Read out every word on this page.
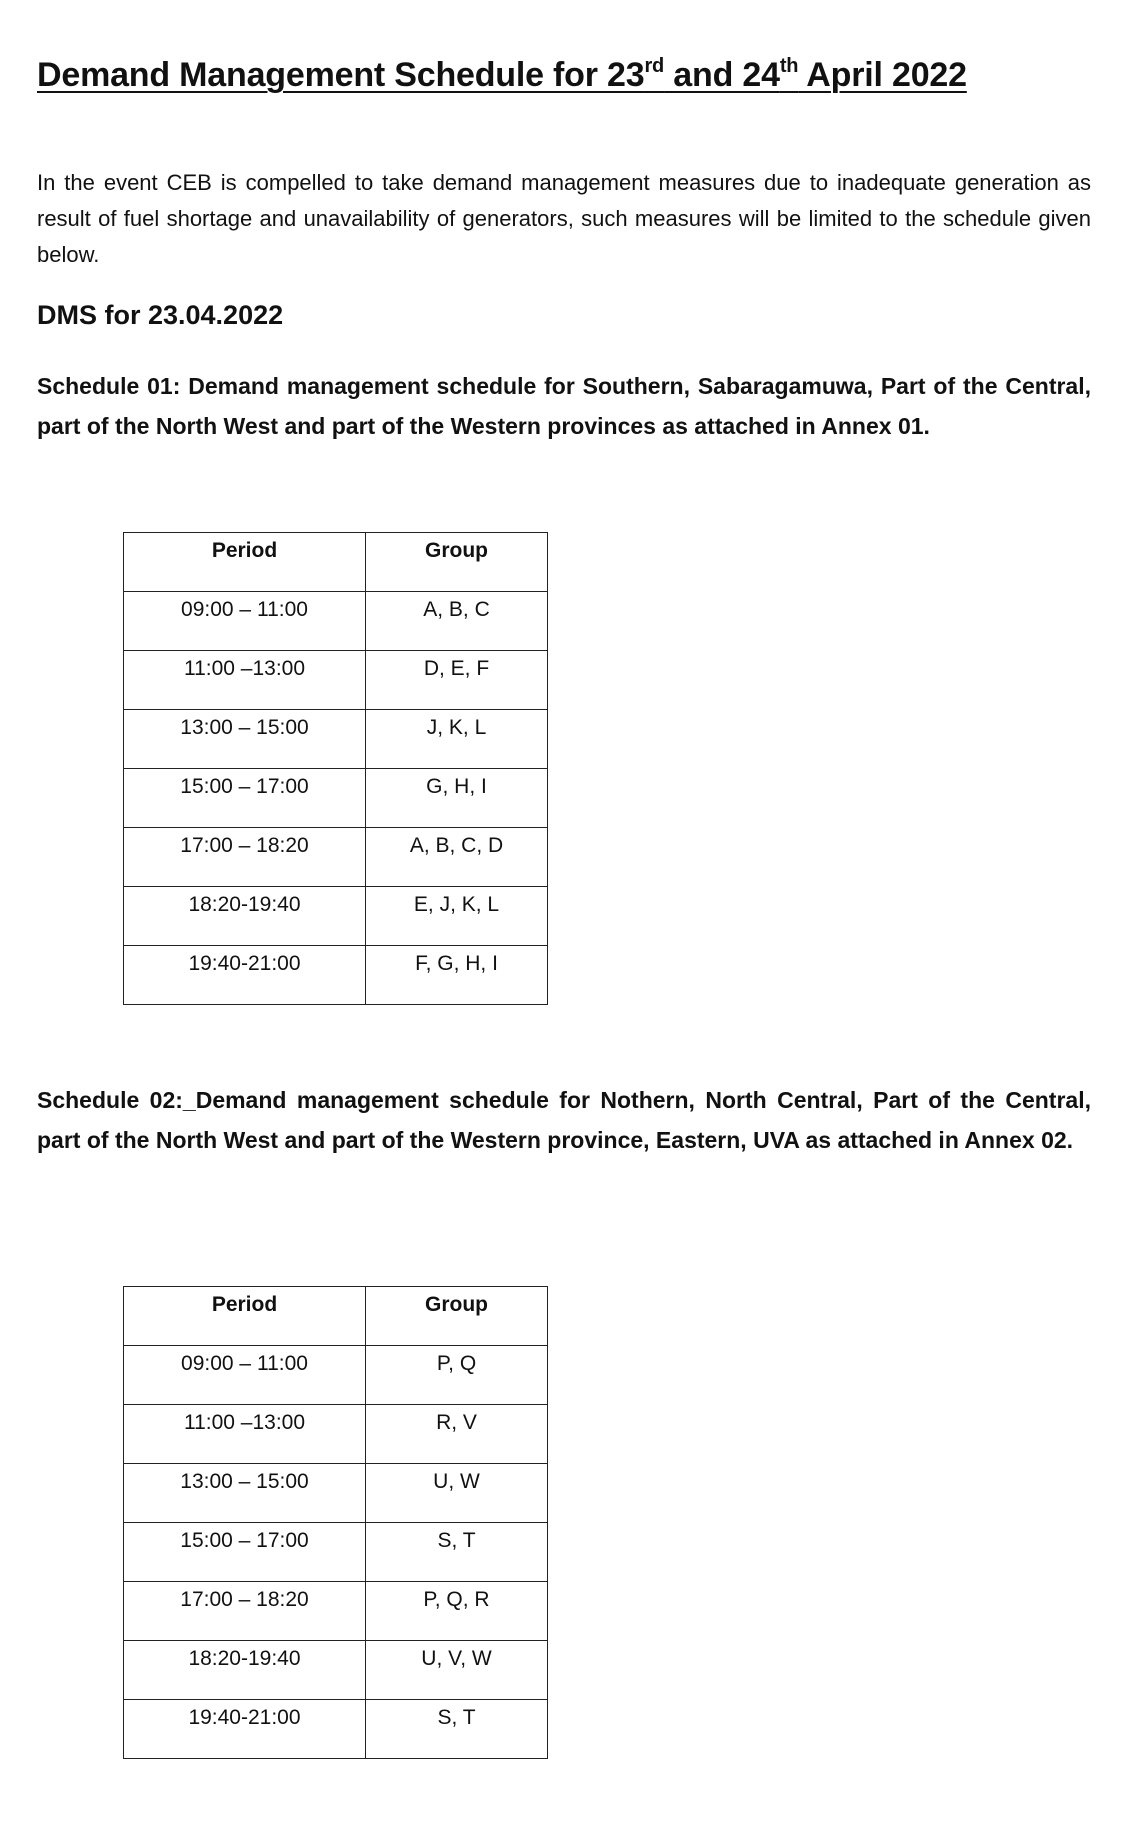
Demand Management Schedule for 23rd and 24th April 2022

In the event CEB is compelled to take demand management measures due to inadequate generation as result of fuel shortage and unavailability of generators, such measures will be limited to the schedule given below.

DMS for 23.04.2022

Schedule 01: Demand management schedule for Southern, Sabaragamuwa, Part of the Central, part of the North West and part of the Western provinces as attached in Annex 01.

Period	Group
09:00 – 11:00	A, B, C
11:00 –13:00	D, E, F
13:00 – 15:00	J, K, L
15:00 – 17:00	G, H, I
17:00 – 18:20	A, B, C, D
18:20-19:40	E, J, K, L
19:40-21:00	F, G, H, I

Schedule 02:_Demand management schedule for Nothern, North Central, Part of the Central, part of the North West and part of the Western province, Eastern, UVA as attached in Annex 02.

Period	Group
09:00 – 11:00	P, Q
11:00 –13:00	R, V
13:00 – 15:00	U, W
15:00 – 17:00	S, T
17:00 – 18:20	P, Q, R
18:20-19:40	U, V, W
19:40-21:00	S, T
